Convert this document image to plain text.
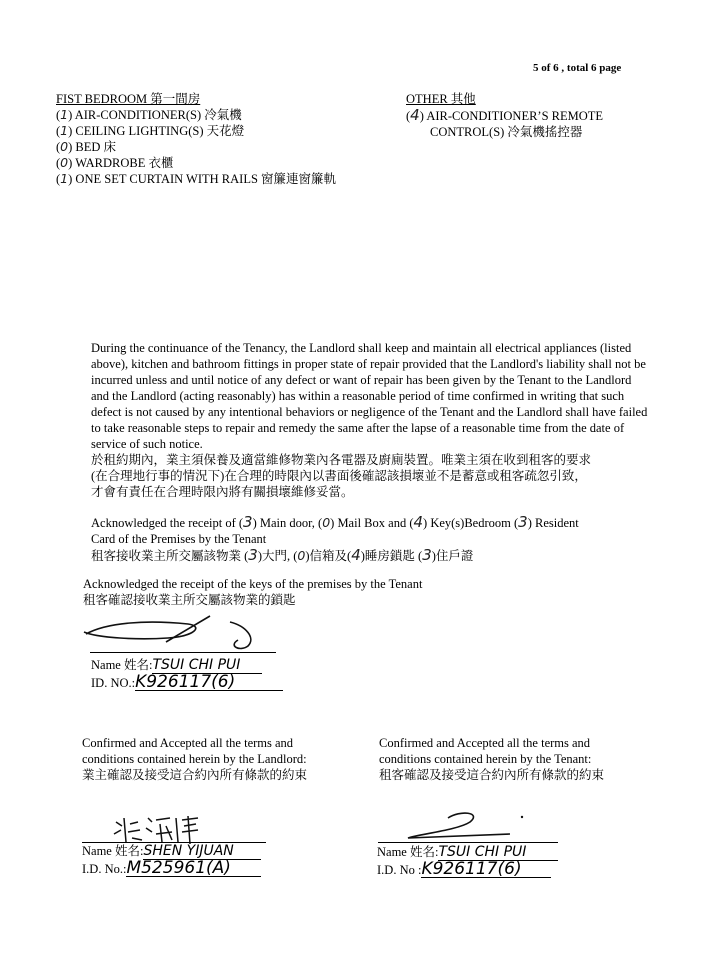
5 of 6 , total 6 page
FIST BEDROOM 第一間房
(1) AIR-CONDITIONER(S) 冷氣機
(1) CEILING LIGHTING(S) 天花燈
(0) BED 床
(0) WARDROBE 衣櫃
(1) ONE SET CURTAIN WITH RAILS 窗簾連窗簾軌
OTHER 其他
(4) AIR-CONDITIONER’S REMOTE
CONTROL(S) 冷氣機搖控器

During the continuance of the Tenancy, the Landlord shall keep and maintain all electrical appliances (listed above), kitchen and bathroom fittings in proper state of repair provided that the Landlord's liability shall not be incurred unless and until notice of any defect or want of repair has been given by the Tenant to the Landlord and the Landlord (acting reasonably) has within a reasonable period of time confirmed in writing that such defect is not caused by any intentional behaviors or negligence of the Tenant and the Landlord shall have failed to take reasonable steps to repair and remedy the same after the lapse of a reasonable time from the date of service of such notice.

於租約期內，業主須保養及適當維修物業內各電器及廚廁裝置。唯業主須在收到租客的要求

(在合理地行事的情況下)在合理的時限內以書面後確認該損壞並不是蓄意或租客疏忽引致，

才會有責任在合理時限內將有關損壞維修妥當。

Acknowledged the receipt of (3) Main door, (0) Mail Box and (4) Key(s)Bedroom (3) Resident
Card of the Premises by the Tenant
租客接收業主所交屬該物業 (3)大門, (0)信箱及(4)睡房鎖匙 (3)住戶證
Acknowledged the receipt of the keys of the premises by the Tenant
租客確認接收業主所交屬該物業的鎖匙
Name 姓名:TSUI CHI PUI
ID. NO.:K926117(6)
Confirmed and Accepted all the terms and
conditions contained herein by the Landlord:
業主確認及接受這合約內所有條款的約束
Name 姓名:SHEN YIJUAN
I.D. No.:M525961(A)
Confirmed and Accepted all the terms and
conditions contained herein by the Tenant:
租客確認及接受這合約內所有條款的約束
Name 姓名:TSUI CHI PUI
I.D. No :K926117(6)
